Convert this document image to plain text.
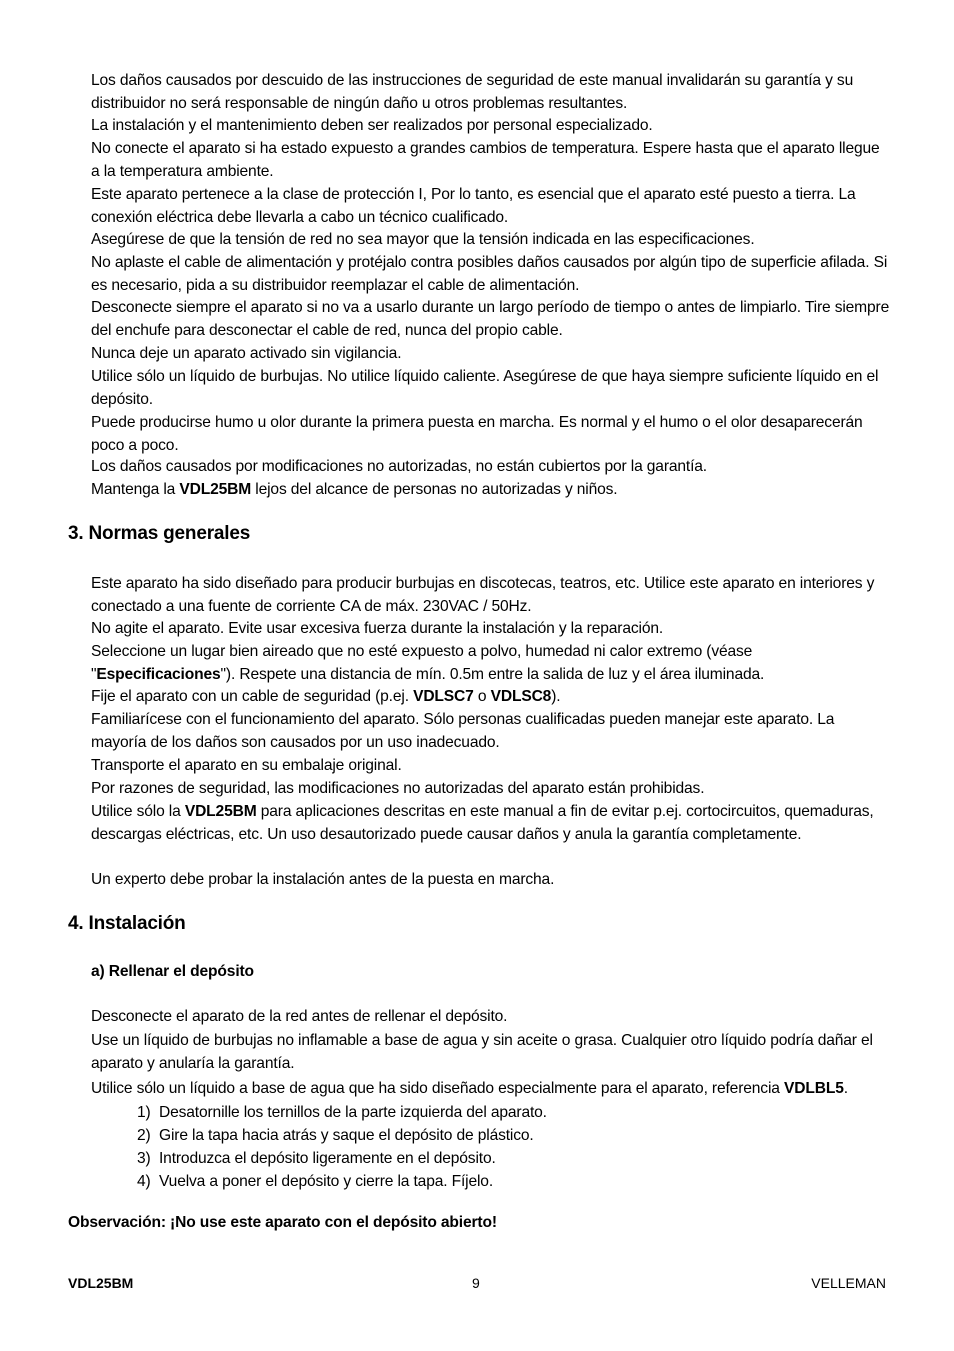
Los daños causados por descuido de las instrucciones de seguridad de este manual invalidarán su garantía y su distribuidor no será responsable de ningún daño u otros problemas resultantes.

La instalación y el mantenimiento deben ser realizados por personal especializado.

No conecte el aparato si ha estado expuesto a grandes cambios de temperatura. Espere hasta que el aparato llegue a la temperatura ambiente.

Este aparato pertenece a la clase de protección I, Por lo tanto, es esencial que el aparato esté puesto a tierra. La conexión eléctrica debe llevarla a cabo un técnico cualificado.

Asegúrese de que la tensión de red no sea mayor que la tensión indicada en las especificaciones.

No aplaste el cable de alimentación y protéjalo contra posibles daños causados por algún tipo de superficie afilada. Si es necesario, pida a su distribuidor reemplazar el cable de alimentación.

Desconecte siempre el aparato si no va a usarlo durante un largo período de tiempo o antes de limpiarlo. Tire siempre del enchufe para desconectar el cable de red, nunca del propio cable.

Nunca deje un aparato activado sin vigilancia.

Utilice sólo un líquido de burbujas. No utilice líquido caliente. Asegúrese de que haya siempre suficiente líquido en el depósito.

Puede producirse humo u olor durante la primera puesta en marcha. Es normal y el humo o el olor desaparecerán poco a poco.

Los daños causados por modificaciones no autorizadas, no están cubiertos por la garantía.

Mantenga la VDL25BM lejos del alcance de personas no autorizadas y niños.

3. Normas generales

Este aparato ha sido diseñado para producir burbujas en discotecas, teatros, etc. Utilice este aparato en interiores y conectado a una fuente de corriente CA de máx. 230VAC / 50Hz.

No agite el aparato. Evite usar excesiva fuerza durante la instalación y la reparación.

Seleccione un lugar bien aireado que no esté expuesto a polvo, humedad ni calor extremo (véase "Especificaciones"). Respete una distancia de mín. 0.5m entre la salida de luz y el área iluminada.

Fije el aparato con un cable de seguridad (p.ej. VDLSC7 o VDLSC8).

Familiarícese con el funcionamiento del aparato. Sólo personas cualificadas pueden manejar este aparato. La mayoría de los daños son causados por un uso inadecuado.

Transporte el aparato en su embalaje original.

Por razones de seguridad, las modificaciones no autorizadas del aparato están prohibidas.

Utilice sólo la VDL25BM para aplicaciones descritas en este manual a fin de evitar p.ej. cortocircuitos, quemaduras, descargas eléctricas, etc. Un uso desautorizado puede causar daños y anula la garantía completamente.

Un experto debe probar la instalación antes de la puesta en marcha.

4. Instalación
a) Rellenar el depósito

Desconecte el aparato de la red antes de rellenar el depósito.

Use un líquido de burbujas no inflamable a base de agua y sin aceite o grasa. Cualquier otro líquido podría dañar el aparato y anularía la garantía.

Utilice sólo un líquido a base de agua que ha sido diseñado especialmente para el aparato, referencia VDLBL5.

1) Desatornille los ternillos de la parte izquierda del aparato.
2) Gire la tapa hacia atrás y saque el depósito de plástico.
3) Introduzca el depósito ligeramente en el depósito.
4) Vuelva a poner el depósito y cierre la tapa. Fíjelo.

Observación: ¡No use este aparato con el depósito abierto!

VDL25BM	9	VELLEMAN
